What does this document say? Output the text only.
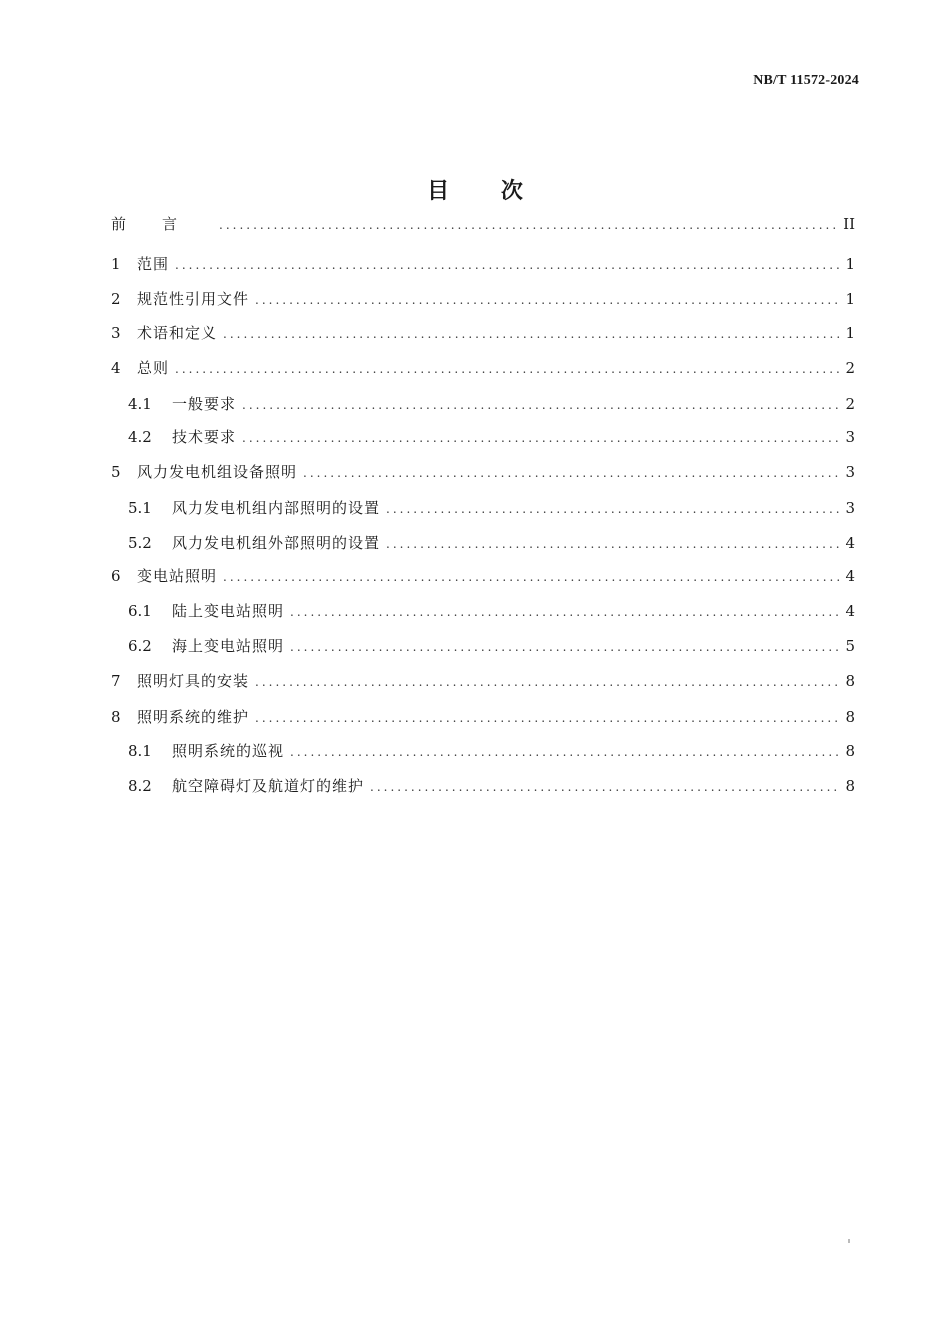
NB/T 11572-2024
目 次
前言 .....	II
1	范围 .....	1
2	规范性引用文件 .....	1
3	术语和定义 .....	1
4	总则 .....	2
4.1	一般要求 .....	2
4.2	技术要求 .....	3
5	风力发电机组设备照明 .....	3
5.1	风力发电机组内部照明的设置 .....	3
5.2	风力发电机组外部照明的设置 .....	4
6	变电站照明 .....	4
6.1	陆上变电站照明 .....	4
6.2	海上变电站照明 .....	5
7	照明灯具的安装 .....	8
8	照明系统的维护 .....	8
8.1	照明系统的巡视 .....	8
8.2	航空障碍灯及航道灯的维护 .....	8
